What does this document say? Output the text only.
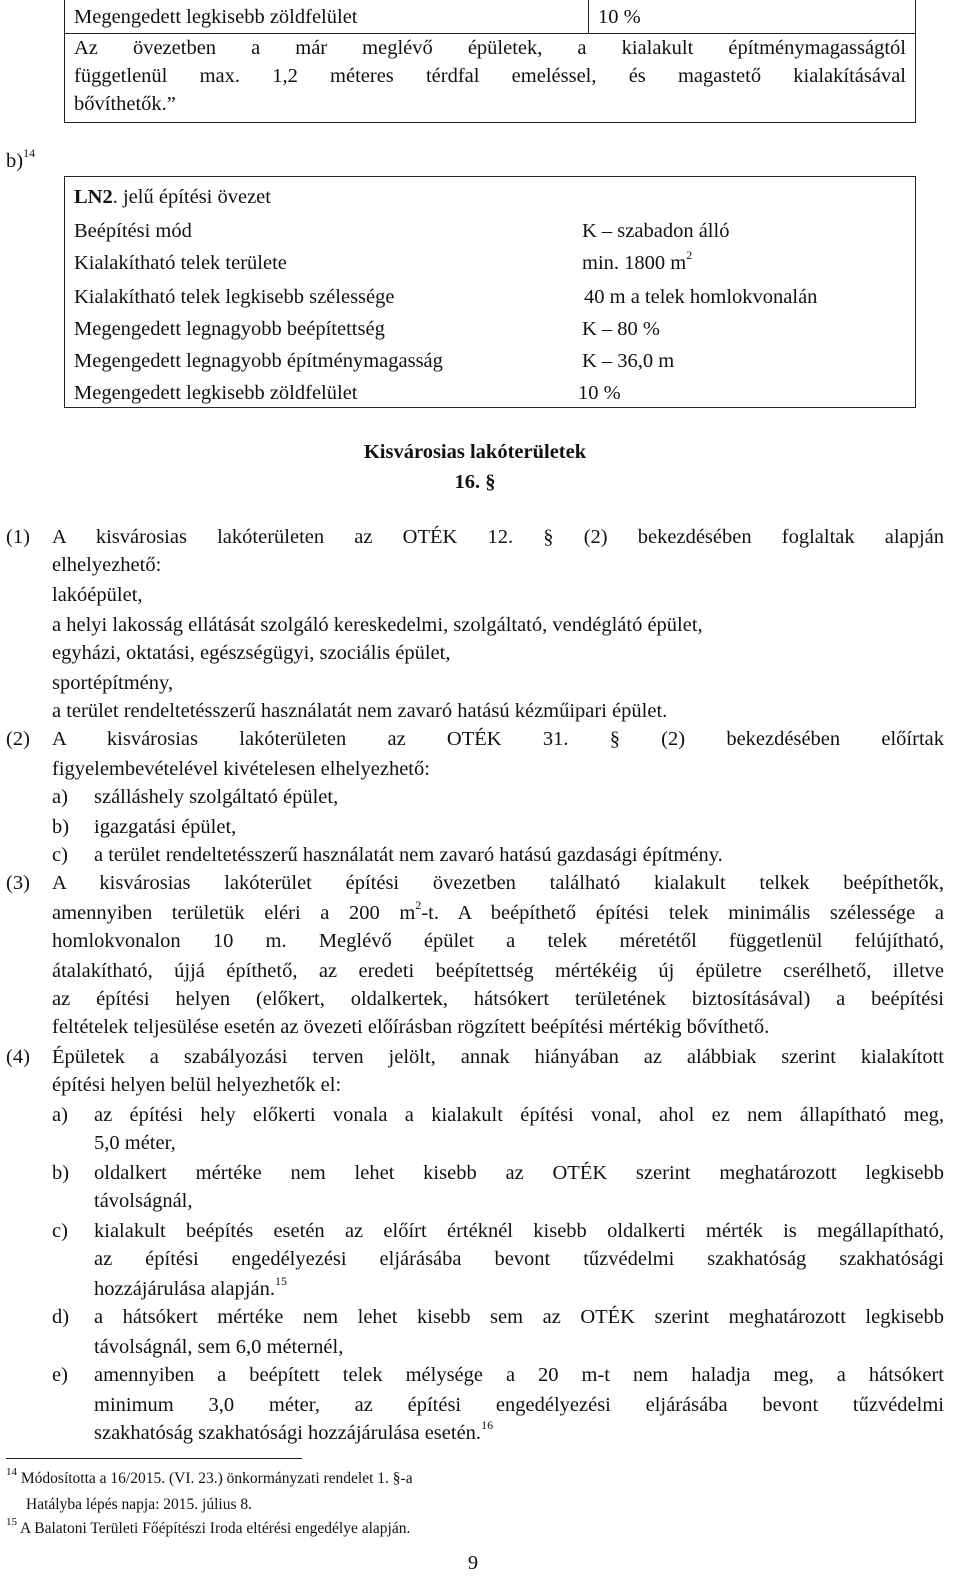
Megengedett legkisebb zöldfelület	10 %
Az övezetben a már meglévő épületek, a kialakult építménymagasságtól
függetlenül max. 1,2 méteres térdfal emeléssel, és magastető kialakításával
bővíthetők.”
b)$^{14}$
LN2. jelű építési övezet
Beépítési mód	K – szabadon álló
Kialakítható telek területe	min. 1800 $m^2$
Kialakítható telek legkisebb szélessége	40 m a telek homlokvonalán
Megengedett legnagyobb beépítettség	K – 80 %
Megengedett legnagyobb építménymagasság	K – 36,0 m
Megengedett legkisebb zöldfelület	10 %
Kisvárosias lakóterületek
16. §
(1) A kisvárosias lakóterületen az OTÉK 12. § (2) bekezdésében foglaltak alapján
elhelyezhető:
lakóépület,
a helyi lakosság ellátását szolgáló kereskedelmi, szolgáltató, vendéglátó épület,
egyházi, oktatási, egészségügyi, szociális épület,
sportépítmény,
a terület rendeltetésszerű használatát nem zavaró hatású kézműipari épület.
(2) A kisvárosias lakóterületen az OTÉK 31. § (2) bekezdésében előírtak
figyelembevételével kivételesen elhelyezhető:
a) szálláshely szolgáltató épület,
b) igazgatási épület,
c) a terület rendeltetésszerű használatát nem zavaró hatású gazdasági építmény.
(3) A kisvárosias lakóterület építési övezetben található kialakult telkek beépíthetők,
amennyiben területük eléri a 200 $m^2-t$. A beépíthető építési telek minimális szélessége a
homlokvonalon 10 m. Meglévő épület a telek méretétől függetlenül felújítható,
átalakítható, újjá építhető, az eredeti beépítettség mértékéig új épületre cserélhető, illetve
az építési helyen (előkert, oldalkertek, hátsókert területének biztosításával) a beépítési
feltételek teljesülése esetén az övezeti előírásban rögzített beépítési mértékig bővíthető.
(4) Épületek a szabályozási terven jelölt, annak hiányában az alábbiak szerint kialakított
építési helyen belül helyezhetők el:
a) az építési hely előkerti vonala a kialakult építési vonal, ahol ez nem állapítható meg,
5,0 méter,
b) oldalkert mértéke nem lehet kisebb az OTÉK szerint meghatározott legkisebb
távolságnál,
c) kialakult beépítés esetén az előírt értéknél kisebb oldalkerti mérték is megállapítható,
az építési engedélyezési eljárásába bevont tűzvédelmi szakhatóság szakhatósági
hozzájárulása alapján.$^{15}$
d) a hátsókert mértéke nem lehet kisebb sem az OTÉK szerint meghatározott legkisebb
távolságnál, sem 6,0 méternél,
e) amennyiben a beépített telek mélysége a 20 m-t nem haladja meg, a hátsókert
minimum 3,0 méter, az építési engedélyezési eljárásába bevont tűzvédelmi
szakhatóság szakhatósági hozzájárulása esetén.$^{16}$
$^{14}$ Módosította a 16/2015. (VI. 23.) önkormányzati rendelet 1. §-a
Hatályba lépés napja: 2015. július 8.
$^{15}$ A Balatoni Területi Főépítészi Iroda eltérési engedélye alapján.
9
